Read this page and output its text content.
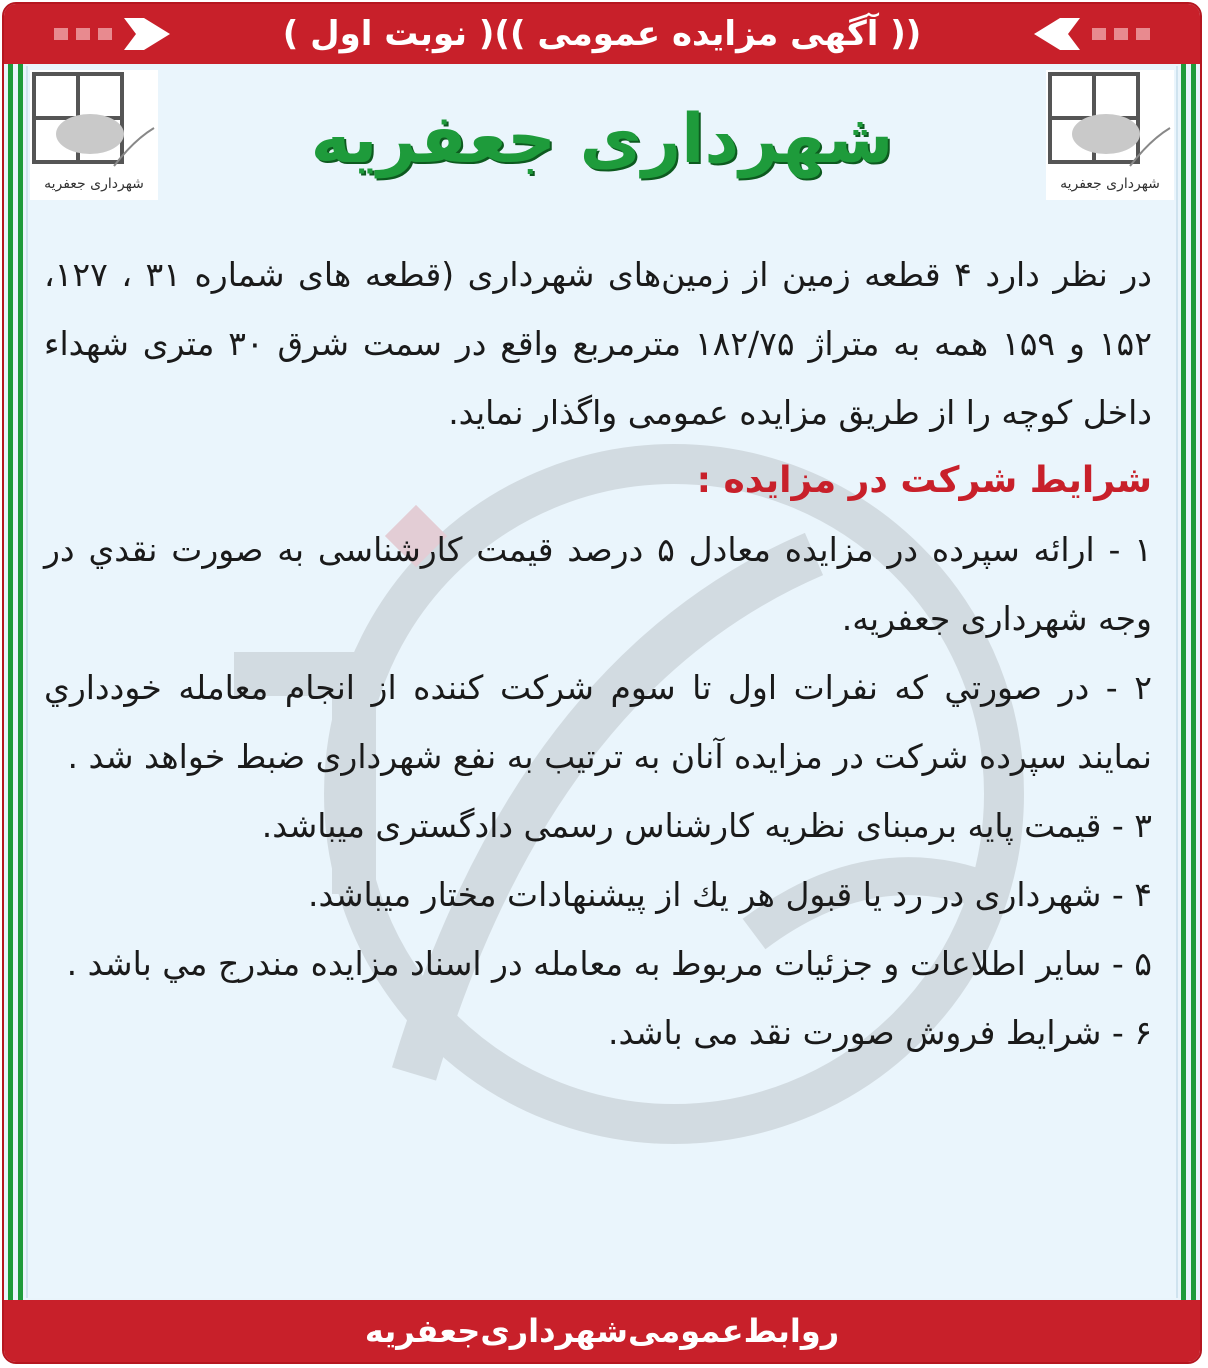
(( آگهی مزایده عمومی ))( نوبت اول )
شهرداری جعفریه	شهرداری جعفریه
شهرداری جعفریه

در نظر دارد ۴ قطعه زمین از زمین‌های شهرداری (قطعه های شماره ۳۱ ، ۱۲۷، ۱۵۲ و ۱۵۹ همه به متراژ ۱۸۲/۷۵ مترمربع واقع در سمت شرق ۳۰ متری شهداء داخل کوچه را از طریق مزایده عمومی واگذار نماید.

شرایط شرکت در مزایده :

۱ - ارائه سپرده در مزایده معادل ۵ درصد قیمت کارشناسی به صورت نقدي در وجه شهرداری جعفریه.

۲ - در صورتي كه نفرات اول تا سوم شركت كننده از انجام معامله خودداري نمايند سپرده شرکت در مزایده آنان به ترتیب به نفع شهرداری ضبط خواهد شد .

۳ - قیمت پایه برمبنای نظریه کارشناس رسمی دادگستری میباشد.

۴ - شهرداری در رد یا قبول هر یك از پیشنهادات مختار میباشد.

۵ - سایر اطلاعات و جزئیات مربوط به معامله در اسناد مزایده مندرج مي باشد .

۶ - شرایط فروش صورت نقد می باشد.

روابط‌عمومی‌شهرداری‌جعفریه
